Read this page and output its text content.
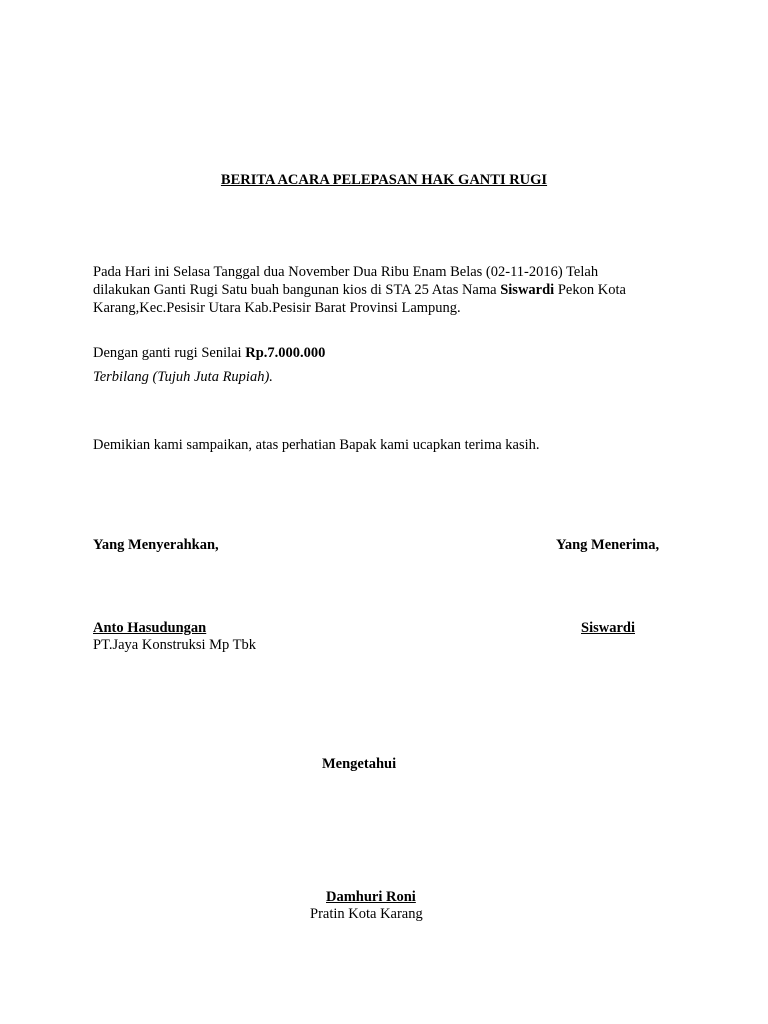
BERITA ACARA PELEPASAN HAK GANTI RUGI
Pada Hari ini Selasa Tanggal dua November Dua Ribu Enam Belas (02-11-2016) Telah
dilakukan Ganti Rugi Satu buah bangunan kios di STA 25 Atas Nama Siswardi Pekon Kota
Karang,Kec.Pesisir Utara Kab.Pesisir Barat Provinsi Lampung.
Dengan ganti rugi Senilai Rp.7.000.000
Terbilang (Tujuh Juta Rupiah).
Demikian kami sampaikan, atas perhatian Bapak kami ucapkan terima kasih.
Yang Menyerahkan,	Yang Menerima,
Anto Hasudungan	Siswardi
PT.Jaya Konstruksi Mp Tbk
Mengetahui
Damhuri Roni
Pratin Kota Karang
